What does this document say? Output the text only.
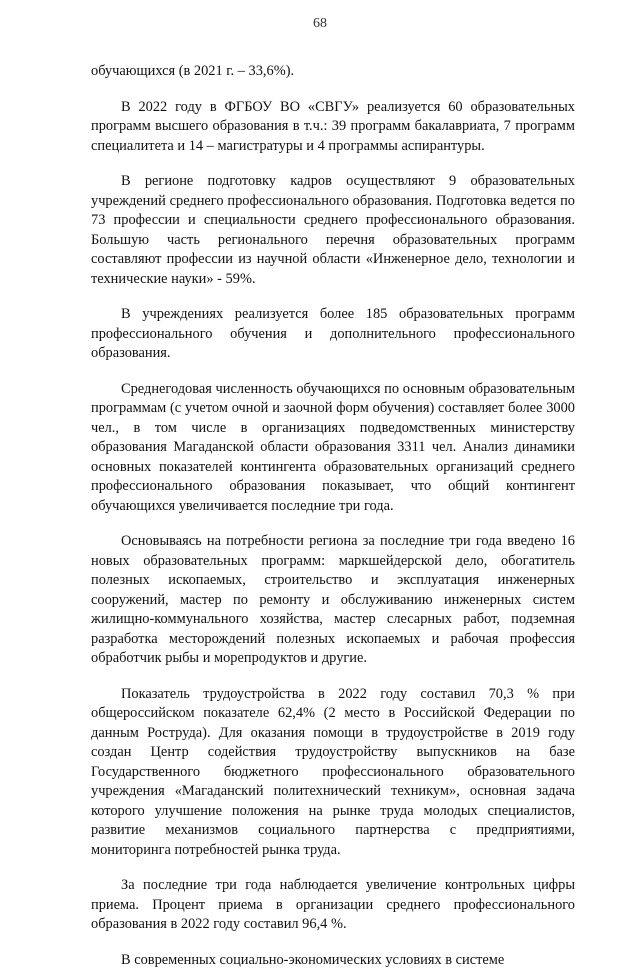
68

обучающихся (в 2021 г. – 33,6%).

В 2022 году в ФГБОУ ВО «СВГУ» реализуется 60 образовательных программ высшего образования в т.ч.: 39 программ бакалавриата, 7 программ специалитета и 14 – магистратуры и 4 программы аспирантуры.

В регионе подготовку кадров осуществляют 9 образовательных учреждений среднего профессионального образования. Подготовка ведется по 73 профессии и специальности среднего профессионального образования. Большую часть регионального перечня образовательных программ составляют профессии из научной области «Инженерное дело, технологии и технические науки» - 59%.

В учреждениях реализуется более 185 образовательных программ профессионального обучения и дополнительного профессионального образования.

Среднегодовая численность обучающихся по основным образовательным программам (с учетом очной и заочной форм обучения) составляет более 3000 чел., в том числе в организациях подведомственных министерству образования Магаданской области образования 3311 чел. Анализ динамики основных показателей контингента образовательных организаций среднего профессионального образования показывает, что общий контингент обучающихся увеличивается последние три года.

Основываясь на потребности региона за последние три года введено 16 новых образовательных программ: маркшейдерской дело, обогатитель полезных ископаемых, строительство и эксплуатация инженерных сооружений, мастер по ремонту и обслуживанию инженерных систем жилищно-коммунального хозяйства, мастер слесарных работ, подземная разработка месторождений полезных ископаемых и рабочая профессия обработчик рыбы и морепродуктов и другие.

Показатель трудоустройства в 2022 году составил 70,3 % при общероссийском показателе 62,4% (2 место в Российской Федерации по данным Роструда). Для оказания помощи в трудоустройстве в 2019 году создан Центр содействия трудоустройству выпускников на базе Государственного бюджетного профессионального образовательного учреждения «Магаданский политехнический техникум», основная задача которого улучшение положения на рынке труда молодых специалистов, развитие механизмов социального партнерства с предприятиями, мониторинга потребностей рынка труда.

За последние три года наблюдается увеличение контрольных цифры приема. Процент приема в организации среднего профессионального образования в 2022 году составил 96,4 %.

В современных социально-экономических условиях в системе
